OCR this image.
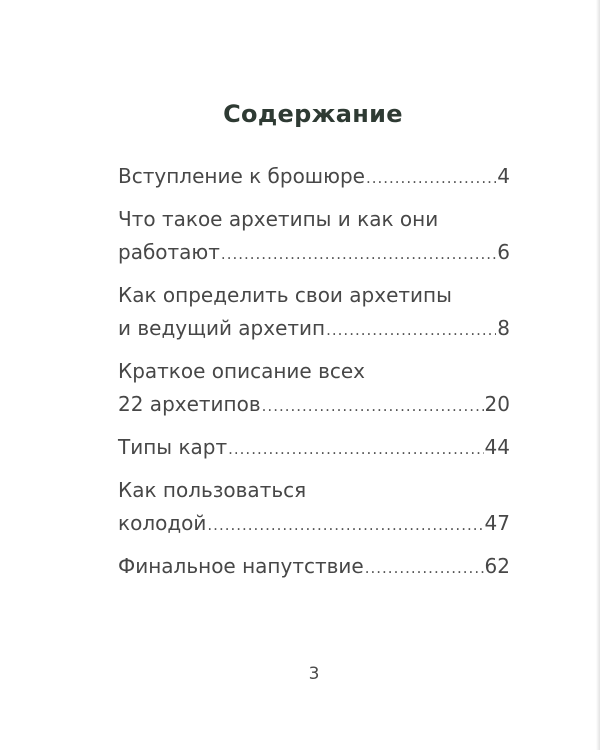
Содержание
Вступление к брошюре .....	4
Что такое архетипы и как они
работают .....	6
Как определить свои архетипы
и ведущий архетип .....	8
Краткое описание всех
22 архетипов .....	20
Типы карт .....	44
Как пользоваться
колодой .....	47
Финальное напутствие .....	62
3
